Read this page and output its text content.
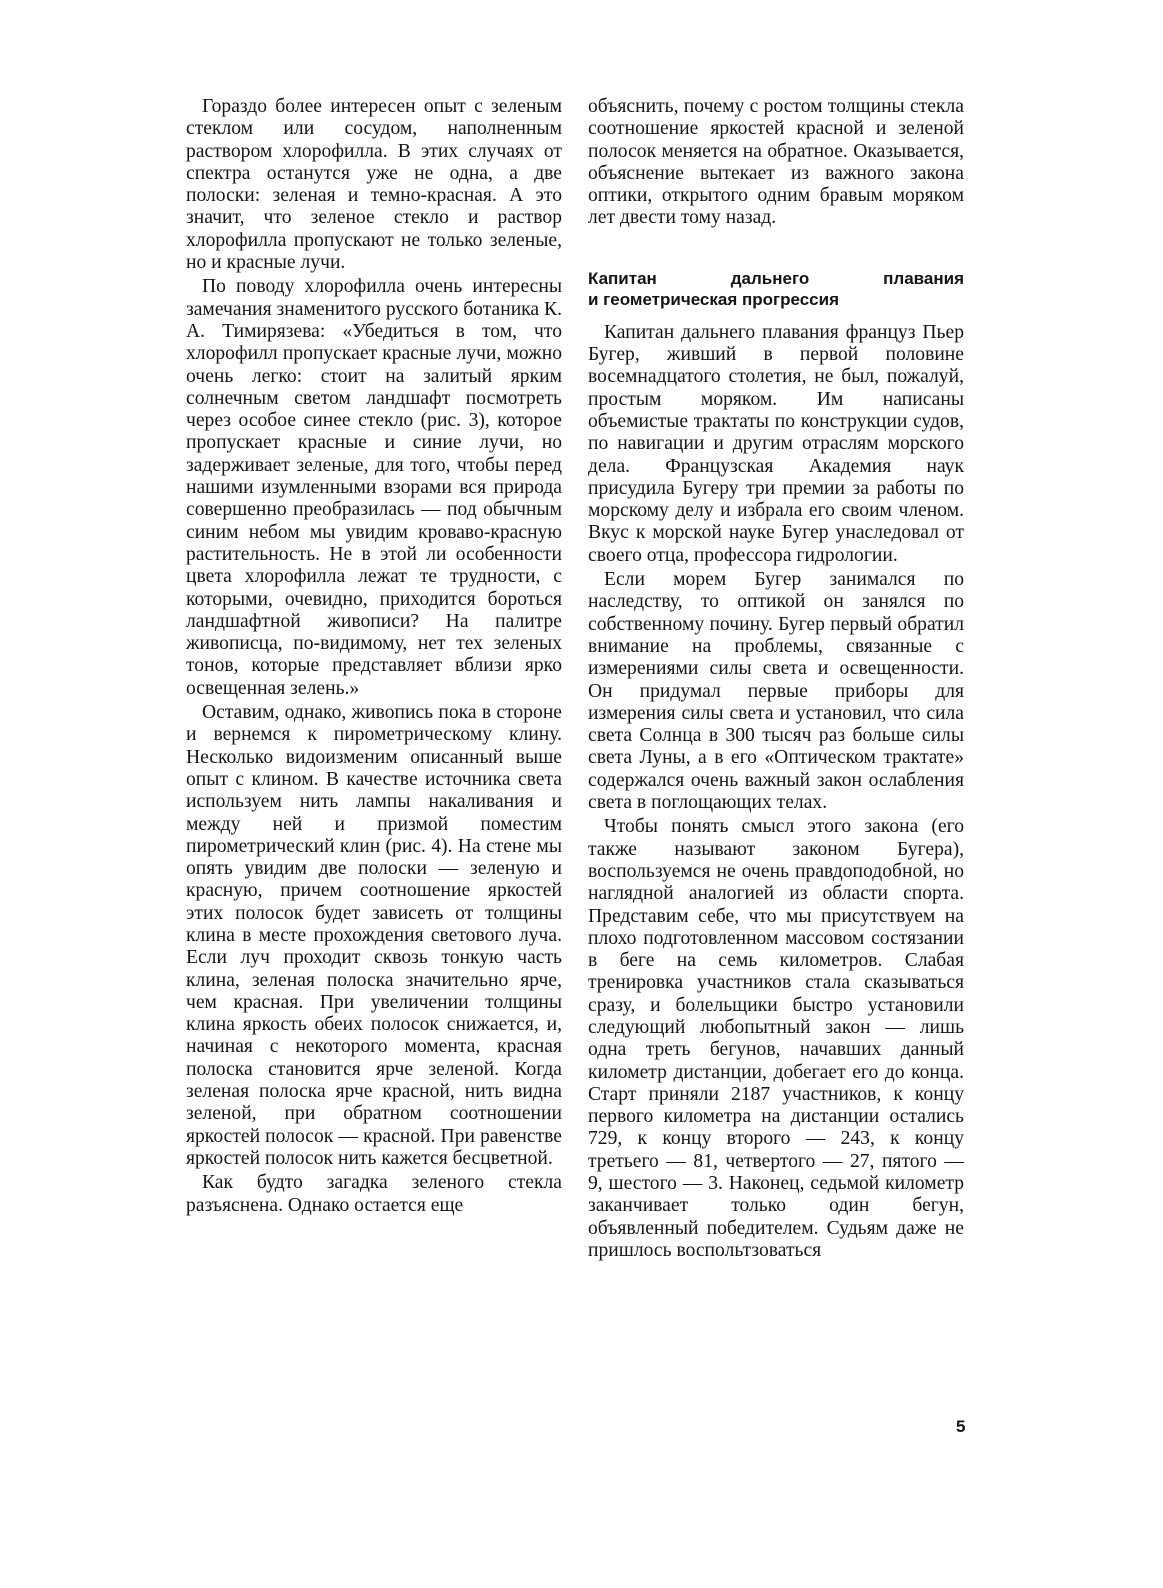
Гораздо более интересен опыт с зеленым стеклом или сосудом, наполненным раствором хлорофилла. В этих случаях от спектра останутся уже не одна, а две полоски: зеленая и темно-красная. А это значит, что зеленое стекло и раствор хлорофилла пропускают не только зеленые, но и красные лучи.

По поводу хлорофилла очень интересны замечания знаменитого русского ботаника К. А. Тимирязева: «Убедиться в том, что хлорофилл пропускает красные лучи, можно очень легко: стоит на залитый ярким солнечным светом ландшафт посмотреть через особое синее стекло (рис. 3), которое пропускает красные и синие лучи, но задерживает зеленые, для того, чтобы перед нашими изумленными взорами вся природа совершенно преобразилась — под обычным синим небом мы увидим кроваво-красную растительность. Не в этой ли особенности цвета хлорофилла лежат те трудности, с которыми, очевидно, приходится бороться ландшафтной живописи? На палитре живописца, по-видимому, нет тех зеленых тонов, которые представляет вблизи ярко освещенная зелень.»

Оставим, однако, живопись пока в стороне и вернемся к пирометрическому клину. Несколько видоизменим описанный выше опыт с клином. В качестве источника света используем нить лампы накаливания и между ней и призмой поместим пирометрический клин (рис. 4). На стене мы опять увидим две полоски — зеленую и красную, причем соотношение яркостей этих полосок будет зависеть от толщины клина в месте прохождения светового луча. Если луч проходит сквозь тонкую часть клина, зеленая полоска значительно ярче, чем красная. При увеличении толщины клина яркость обеих полосок снижается, и, начиная с некоторого момента, красная полоска становится ярче зеленой. Когда зеленая полоска ярче красной, нить видна зеленой, при обратном соотношении яркостей полосок — красной. При равенстве яркостей полосок нить кажется бесцветной.

Как будто загадка зеленого стекла разъяснена. Однако остается еще

объяснить, почему с ростом толщины стекла соотношение яркостей красной и зеленой полосок меняется на обратное. Оказывается, объяснение вытекает из важного закона оптики, открытого одним бравым моряком лет двести тому назад.

Капитан дальнего плавания
и геометрическая прогрессия

Капитан дальнего плавания француз Пьер Бугер, живший в первой половине восемнадцатого столетия, не был, пожалуй, простым моряком. Им написаны объемистые трактаты по конструкции судов, по навигации и другим отраслям морского дела. Французская Академия наук присудила Бугеру три премии за работы по морскому делу и избрала его своим членом. Вкус к морской науке Бугер унаследовал от своего отца, профессора гидрологии.

Если морем Бугер занимался по наследству, то оптикой он занялся по собственному почину. Бугер первый обратил внимание на проблемы, связанные с измерениями силы света и освещенности. Он придумал первые приборы для измерения силы света и установил, что сила света Солнца в 300 тысяч раз больше силы света Луны, а в его «Оптическом трактате» содержался очень важный закон ослабления света в поглощающих телах.

Чтобы понять смысл этого закона (его также называют законом Бугера), воспользуемся не очень правдоподобной, но наглядной аналогией из области спорта. Представим себе, что мы присутствуем на плохо подготовленном массовом состязании в беге на семь километров. Слабая тренировка участников стала сказываться сразу, и болельщики быстро установили следующий любопытный закон — лишь одна треть бегунов, начавших данный километр дистанции, добегает его до конца. Старт приняли 2187 участников, к концу первого километра на дистанции остались 729, к концу второго — 243, к концу третьего — 81, четвертого — 27, пятого — 9, шестого — 3. Наконец, седьмой километр заканчивает только один бегун, объявленный победителем. Судьям даже не пришлось воспольтзоваться

5
